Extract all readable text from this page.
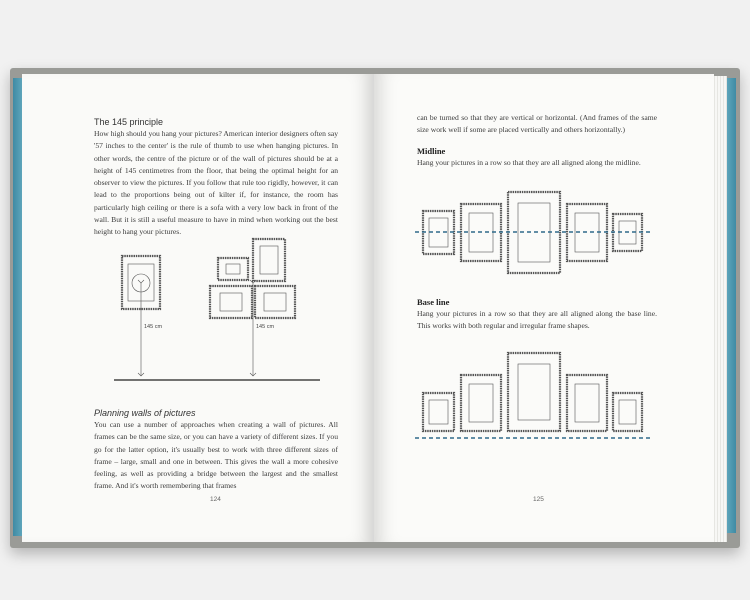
The 145 principle
How high should you hang your pictures? American interior designers often say '57 inches to the center' is the rule of thumb to use when hanging pictures. In other words, the centre of the picture or of the wall of pictures should be at a height of 145 centimetres from the floor, that being the optimal height for an observer to view the pictures. If you follow that rule too rigidly, however, it can lead to the proportions being out of kilter if, for instance, the room has particularly high ceiling or there is a sofa with a very low back in front of the wall. But it is still a useful measure to have in mind when working out the best height to hang your pictures.
145 cm	145 cm
Planning walls of pictures
You can use a number of approaches when creating a wall of pictures. All frames can be the same size, or you can have a variety of different sizes. If you go for the latter option, it's usually best to work with three different sizes of frame – large, small and one in between. This gives the wall a more cohesive feeling, as well as providing a bridge between the largest and the smallest frame. And it's worth remembering that frames
124
can be turned so that they are vertical or horizontal. (And frames of the same size work well if some are placed vertically and others horizontally.)
Midline
Hang your pictures in a row so that they are all aligned along the midline.
Base line
Hang your pictures in a row so that they are all aligned along the base line. This works with both regular and irregular frame shapes.
125
